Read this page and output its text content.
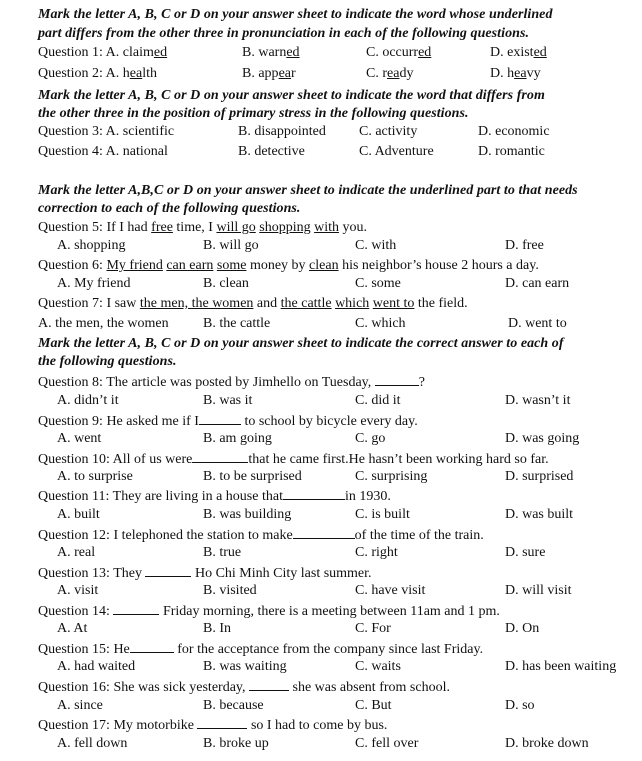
Mark the letter A, B, C or D on your answer sheet to indicate the word whose underlined
part differs from the other three in pronunciation in each of the following questions.
Question 1: A. claimed	B. warned	C. occurred	D. existed
Question 2: A. health	B. appear	C. ready	D. heavy
Mark the letter A, B, C or D on your answer sheet to indicate the word that differs from
the other three in the position of primary stress in the following questions.
Question 3: A. scientific	B. disappointed C. activity	D. economic
Question 4: A. national	B. detective	C. Adventure	D. romantic
Mark the letter A,B,C or D on your answer sheet to indicate the underlined part to that needs
correction to each of the following questions.
Question 5: If I had free time, I will go shopping with you.
A. shopping	B. will go	C. with	D. free
Question 6: My friend can earn some money by clean his neighbor’s house 2 hours a day.
A. My friend	B. clean	C. some	D. can earn
Question 7: I saw the men, the women and the cattle which went to the field.
A. the men, the women B. the cattle	C. which	D. went to
Mark the letter A, B, C or D on your answer sheet to indicate the correct answer to each of
the following questions.
Question 8: The article was posted by Jimhello on Tuesday,	?
A. didn’t it	B. was it	C. did it	D. wasn’t it
Question 9: He asked me if I	to school by bicycle every day.
A. went	B. am going	C. go	D. was going
Question 10: All of us were	that he came first.He hasn’t been working hard so far.
A. to surprise	B. to be surprised	C. surprising	D. surprised
Question 11: They are living in a house that	in 1930.
A. built	B. was building	C. is built	D. was built
Question 12: I telephoned the station to make	of the time of the train.
A. real	B. true	C. right	D. sure
Question 13: They	Ho Chi Minh City last summer.
A. visit	B. visited	C. have visit	D. will visit
Question 14:	Friday morning, there is a meeting between 11am and 1 pm.
A. At	B. In	C. For	D. On
Question 15: He	for the acceptance from the company since last Friday.
A. had waited	B. was waiting	C. waits	D. has been waiting
Question 16: She was sick yesterday,	she was absent from school.
A. since	B. because	C. But	D. so
Question 17: My motorbike	so I had to come by bus.
A. fell down	B. broke up	C. fell over	D. broke down
